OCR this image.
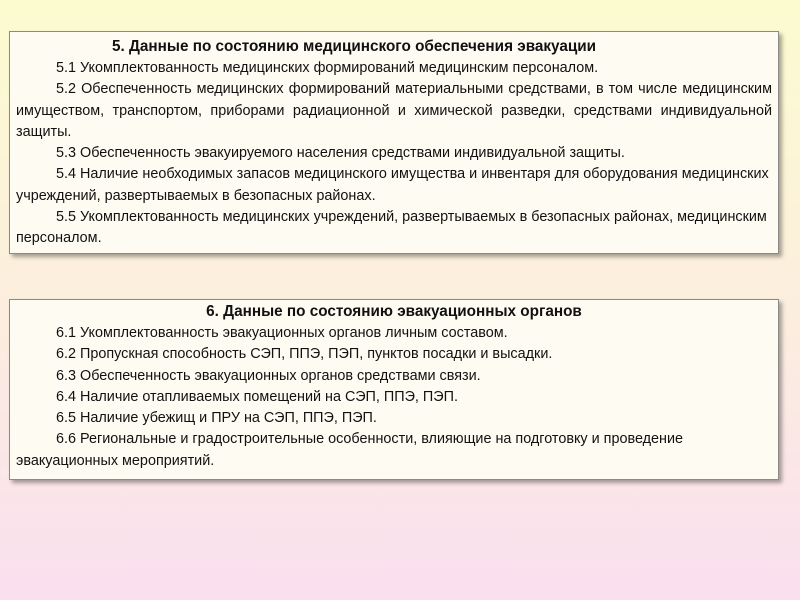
5. Данные по состоянию медицинского обеспечения эвакуации

5.1 Укомплектованность медицинских формирований медицинским персоналом.

5.2 Обеспеченность медицинских формирований материальными средствами, в том числе медицинским имуществом, транспортом, приборами радиационной и химической разведки, средствами индивидуальной защиты.

5.3 Обеспеченность эвакуируемого населения средствами индивидуальной защиты.

5.4 Наличие необходимых запасов медицинского имущества и инвентаря для оборудования медицинских учреждений, развертываемых в безопасных районах.

5.5 Укомплектованность медицинских учреждений, развертываемых в безопасных районах, медицинским персоналом.

6. Данные по состоянию эвакуационных органов

6.1 Укомплектованность эвакуационных органов личным составом.

6.2 Пропускная способность СЭП, ППЭ, ПЭП, пунктов посадки и высадки.

6.3 Обеспеченность эвакуационных органов средствами связи.

6.4 Наличие отапливаемых помещений на СЭП, ППЭ, ПЭП.

6.5 Наличие убежищ и ПРУ на СЭП, ППЭ, ПЭП.

6.6 Региональные и градостроительные особенности, влияющие на подготовку и проведение эвакуационных мероприятий.
